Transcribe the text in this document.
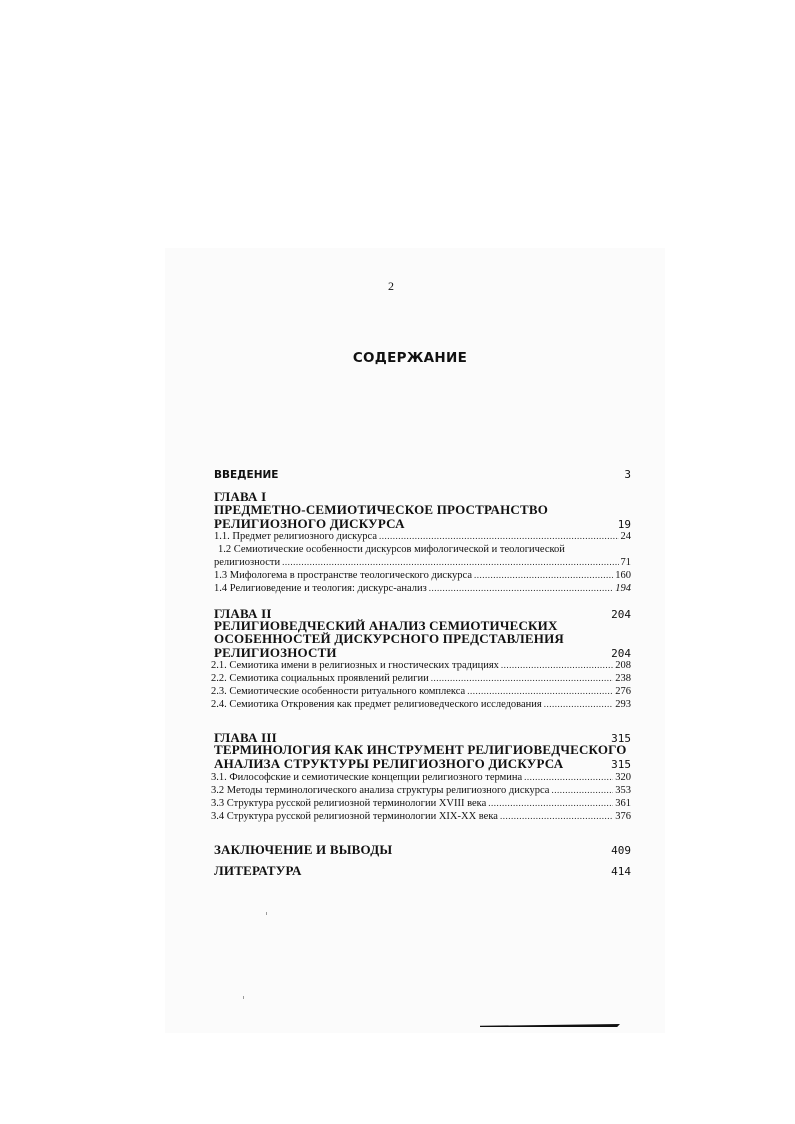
2
СОДЕРЖАНИЕ
ВВЕДЕНИЕ	3
ГЛАВА I
ПРЕДМЕТНО-СЕМИОТИЧЕСКОЕ ПРОСТРАНСТВО
РЕЛИГИОЗНОГО ДИСКУРСА	19
1.1. Предмет религиозного дискурса .....	24
1.2 Семиотические особенности дискурсов мифологической и теологической
религиозности .....	71
1.3 Мифологема в пространстве теологического дискурса .....	160
1.4 Религиоведение и теология: дискурс-анализ .....	194
ГЛАВА II	204
РЕЛИГИОВЕДЧЕСКИЙ АНАЛИЗ СЕМИОТИЧЕСКИХ
ОСОБЕННОСТЕЙ ДИСКУРСНОГО ПРЕДСТАВЛЕНИЯ
РЕЛИГИОЗНОСТИ	204
2.1. Семиотика имени в религиозных и гностических традициях .....	208
2.2. Семиотика социальных проявлений религии .....	238
2.3. Семиотические особенности ритуального комплекса .....	276
2.4. Семиотика Откровения как предмет религиоведческого исследования .....	293
ГЛАВА III	315
ТЕРМИНОЛОГИЯ КАК ИНСТРУМЕНТ РЕЛИГИОВЕДЧЕСКОГО
АНАЛИЗА СТРУКТУРЫ РЕЛИГИОЗНОГО ДИСКУРСА	315
3.1. Философские и семиотические концепции религиозного термина .....	320
3.2 Методы терминологического анализа структуры религиозного дискурса .....	353
3.3 Структура русской религиозной терминологии XVIII века .....	361
3.4 Структура русской религиозной терминологии XIX-XX века .....	376
ЗАКЛЮЧЕНИЕ И ВЫВОДЫ	409
ЛИТЕРАТУРА	414
